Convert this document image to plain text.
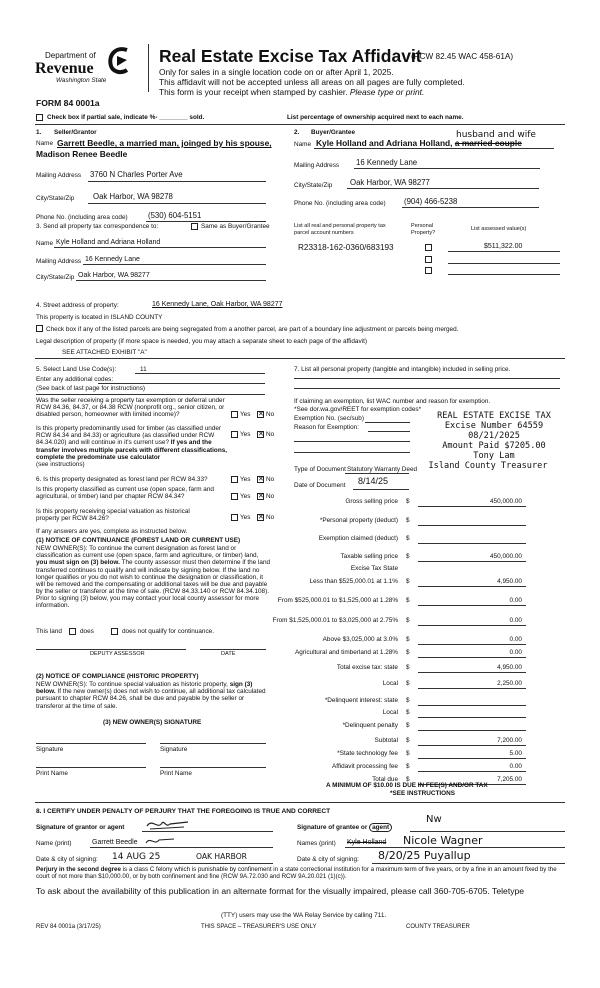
Department of
Revenue
Washington State
Real Estate Excise Tax Affidavit
(RCW 82.45 WAC 458-61A)
Only for sales in a single location code on or after April 1, 2025.
This affidavit will not be accepted unless all areas on all pages are fully completed.
This form is your receipt when stamped by cashier. Please type or print.
FORM 84 0001a
Check box if partial sale, indicate %- ________ sold.	List percentage of ownership acquired next to each name.
1. Seller/Grantor
Name Garrett Beedle, a married man, joinged by his spouse,
Madison Renee Beedle
Mailing Address 3760 N Charles Porter Ave
City/State/Zip Oak Harbor, WA 98278
Phone No. (including area code)	(530) 604-5151
3. Send all property tax correspondence to:	Same as Buyer/Grantee
Name Kyle Holland and Adriana Holland
Mailing Address 16 Kennedy Lane
City/State/Zip Oak Harbor, WA 98277
2. Buyer/Grantee	husband and wife
Name Kyle Holland and Adriana Holland, a married couple
Mailing Address 16 Kennedy Lane
City/State/Zip Oak Harbor, WA 98277
Phone No. (including area code) (904) 466-5238
List all real and personal property tax
parcel account numbers
Personal
Property?
List assessed value(s)
R23318-162-0360/683193	$511,322.00
4. Street address of property:	16 Kennedy Lane, Oak Harbor, WA 98277
This property is located in ISLAND COUNTY
Check box if any of the listed parcels are being segregated from a another parcel, are part of a boundary line adjustment or parcels being merged.
Legal description of property (if more space is needed, you may attach a separate sheet to each page of the affidavit)
SEE ATTACHED EXHIBIT "A"
5. Select Land Use Code(s):	11
Enter any additional codes:
(See back of last page for instructions)
Was the seller receiving a property tax exemption or deferral under RCW 84.36, 84.37, or 84.38 RCW (nonprofit org., senior citizen, or disabled person, homeowner with limited income)?	Yes ✕ No
Is this property predominantly used for timber (as classified under RCW 84.34 and 84.33) or agriculture (as classified under RCW 84.34.020) and will continue in it's current use? If yes and the transfer involves multiple parcels with different classifications, complete the predominate use calculator
(see instructions)
Yes ✕ No
6. Is this property designated as forest land per RCW 84.33?	Yes ✕ No
Is this property classified as current use (open space, farm and agricultural, or timber) land per chapter RCW 84.34?	Yes ✕ No
Is this property receiving special valuation as historical property per RCW 84.26?	Yes ✕ No
If any answers are yes, complete as instructed below.
(1) NOTICE OF CONTINUANCE (FOREST LAND OR CURRENT USE)
NEW OWNER(S): To continue the current designation as forest land or classification as current use (open space, farm and agriculture, or timber) land, you must sign on (3) below. The county assessor must then determine if the land transferred continues to qualify and will indicate by signing below. If the land no longer qualifies or you do not wish to continue the designation or classification, it will be removed and the compensating or additional taxes will be due and payable by the seller or transferor at the time of sale. (RCW 84.33.140 or RCW 84.34.108). Prior to signing (3) below, you may contact your local county assessor for more information.
This land	does	does not qualify for continuance.
DEPUTY ASSESSOR	DATE
(2) NOTICE OF COMPLIANCE (HISTORIC PROPERTY)
NEW OWNER(S): To continue special valuation as historic property, sign (3) below. If the new owner(s) does not wish to continue, all additional tax calculated pursuant to chapter RCW 84.26, shall be due and payable by the seller or transferor at the time of sale.
(3) NEW OWNER(S) SIGNATURE
Signature	Signature
Print Name	Print Name
7. List all personal property (tangible and intangible) included in selling price.
If claiming an exemption, list WAC number and reason for exemption.
*See dor.wa.gov/REET for exemption codes*
Exemption No. (sec/sub)
Reason for Exemption:
Type of Document Statutory Warranty Deed
Date of Document 8/14/25
REAL ESTATE EXCISE TAX
Excise Number 64559
08/21/2025
Amount Paid $7205.00
Tony Lam
Island County Treasurer
Gross selling price $	450,000.00
*Personal property (deduct) $
Exemption claimed (deduct) $
Taxable selling price $	450,000.00
Excise Tax State
Less than $525,000.01 at 1.1% $	4,950.00
From $525,000.01 to $1,525,000 at 1.28% $	0.00
From $1,525,000.01 to $3,025,000 at 2.75% $	0.00
Above $3,025,000 at 3.0% $	0.00
Agricultural and timberland at 1.28% $	0.00
Total excise tax: state $	4,950.00
Local $	2,250.00
*Delinquent interest: state $
Local $
*Delinquent penalty $
Subtotal $	7,200.00
*State technology fee $	5.00
Affidavit processing fee $	0.00
Total due $	7,205.00
A MINIMUM OF $10.00 IS DUE IN FEE(S) AND/OR TAX
*SEE INSTRUCTIONS
8. I CERTIFY UNDER PENALTY OF PERJURY THAT THE FOREGOING IS TRUE AND CORRECT
Signature of grantor or agent	Signature of grantee or agent
Nw
Name (print)	Garrett Beedle	Names (print) Kyle Holland Nicole Wagner
Date & city of signing: 14 AUG 25	OAK HARBOR	Date & city of signing: 8/20/25 Puyallup
Perjury in the second degree is a class C felony which is punishable by confinement in a state correctional institution for a maximum term of five years, or by a fine in an amount fixed by the court of not more than $10,000.00, or by both confinement and fine (RCW 9A.72.030 and RCW 9A.20.021 (1)(c)).
To ask about the availability of this publication in an alternate format for the visually impaired, please call 360-705-6705. Teletype
(TTY) users may use the WA Relay Service by calling 711.
REV 84 0001a (3/17/25)	THIS SPACE – TREASURER'S USE ONLY	COUNTY TREASURER
